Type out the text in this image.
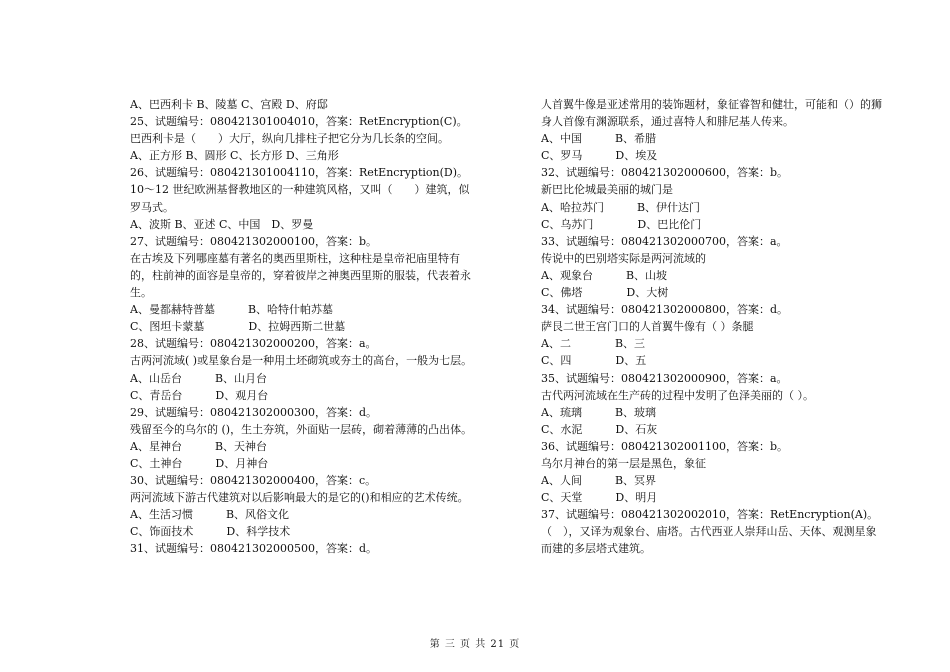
A、巴西利卡 B、陵墓 C、宫殿 D、府邸
25、试题编号：080421301004010，答案：RetEncryption(C)。
巴西利卡是（　　）大厅，纵向几排柱子把它分为几长条的空间。
A、正方形 B、圆形 C、长方形 D、三角形
26、试题编号：080421301004110，答案：RetEncryption(D)。
10～12 世纪欧洲基督教地区的一种建筑风格，又叫（　　）建筑，似
罗马式。
A、波斯 B、亚述 C、中国　D、罗曼
27、试题编号：080421302000100，答案：b。
在古埃及下列哪座墓有著名的奥西里斯柱，这种柱是皇帝祀庙里特有
的，柱前神的面容是皇帝的，穿着彼岸之神奥西里斯的服装，代表着永
生。
A、曼都赫特普墓　　　B、哈特什帕苏墓
C、图坦卡蒙墓　　　　D、拉姆西斯二世墓
28、试题编号：080421302000200，答案：a。
古两河流域( )或星象台是一种用土坯砌筑或夯土的高台，一般为七层。
A、山岳台　　　B、山月台
C、青岳台　　　D、观月台
29、试题编号：080421302000300，答案：d。
残留至今的乌尔的 ()，生土夯筑，外面贴一层砖，砌着薄薄的凸出体。
A、星神台　　　B、天神台
C、土神台　　　D、月神台
30、试题编号：080421302000400，答案：c。
两河流域下游古代建筑对以后影响最大的是它的()和相应的艺术传统。
A、生活习惯　　　B、风俗文化
C、饰面技术　　　D、科学技术
31、试题编号：080421302000500，答案：d。
人首翼牛像是亚述常用的装饰题材，象征睿智和健壮，可能和（）的狮
身人首像有渊源联系，通过喜特人和腓尼基人传来。
A、中国　　　B、希腊
C、罗马　　　D、埃及
32、试题编号：080421302000600，答案：b。
新巴比伦城最美丽的城门是
A、哈拉苏门　　　B、伊什达门
C、乌苏门　　　　D、巴比伦门
33、试题编号：080421302000700，答案：a。
传说中的巴别塔实际是两河流域的
A、观象台　　　B、山坡
C、佛塔　　　　D、大树
34、试题编号：080421302000800，答案：d。
萨艮二世王宫门口的人首翼牛像有（ ）条腿
A、二　　　　B、三
C、四　　　　D、五
35、试题编号：080421302000900，答案：a。
古代两河流域在生产砖的过程中发明了色泽美丽的（ ）。
A、琉璃　　　B、玻璃
C、水泥　　　D、石灰
36、试题编号：080421302001100，答案：b。
乌尔月神台的第一层是黑色，象征
A、人间　　　B、冥界
C、天堂　　　D、明月
37、试题编号：080421302002010，答案：RetEncryption(A)。
（　），又译为观象台、庙塔。古代西亚人崇拜山岳、天体、观测星象
而建的多层塔式建筑。
第 三 页 共 21 页
